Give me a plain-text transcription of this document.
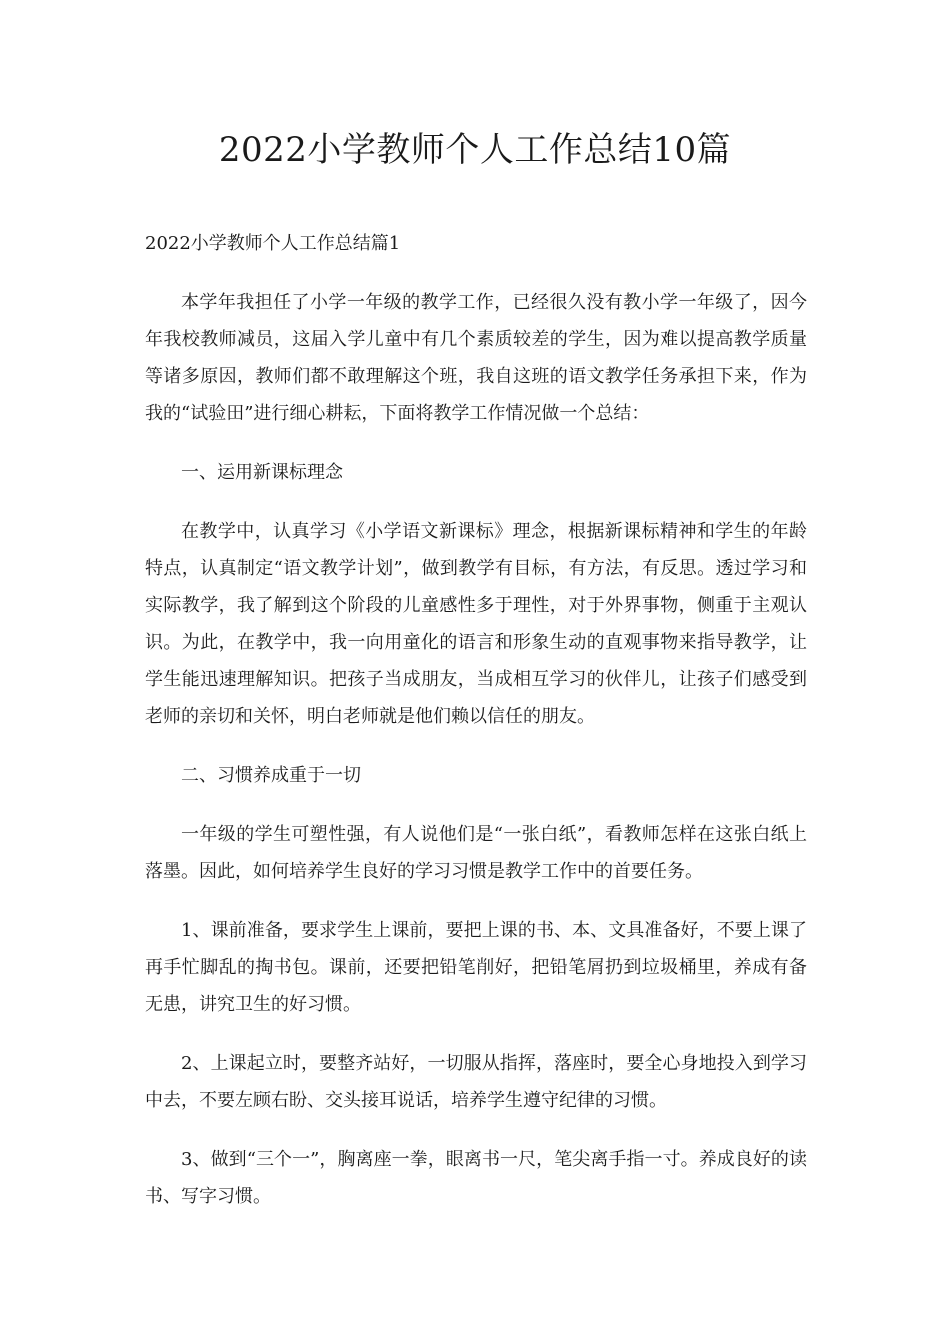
2022小学教师个人工作总结10篇

2022小学教师个人工作总结篇1

本学年我担任了小学一年级的教学工作，已经很久没有教小学一年级了，因今年我校教师减员，这届入学儿童中有几个素质较差的学生，因为难以提高教学质量等诸多原因，教师们都不敢理解这个班，我自这班的语文教学任务承担下来，作为我的“试验田”进行细心耕耘，下面将教学工作情况做一个总结：

一、运用新课标理念

在教学中，认真学习《小学语文新课标》理念，根据新课标精神和学生的年龄特点，认真制定“语文教学计划”，做到教学有目标，有方法，有反思。透过学习和实际教学，我了解到这个阶段的儿童感性多于理性，对于外界事物，侧重于主观认识。为此，在教学中，我一向用童化的语言和形象生动的直观事物来指导教学，让学生能迅速理解知识。把孩子当成朋友，当成相互学习的伙伴儿，让孩子们感受到老师的亲切和关怀，明白老师就是他们赖以信任的朋友。

二、习惯养成重于一切

一年级的学生可塑性强，有人说他们是“一张白纸”，看教师怎样在这张白纸上落墨。因此，如何培养学生良好的学习习惯是教学工作中的首要任务。

1、课前准备，要求学生上课前，要把上课的书、本、文具准备好，不要上课了再手忙脚乱的掏书包。课前，还要把铅笔削好，把铅笔屑扔到垃圾桶里，养成有备无患，讲究卫生的好习惯。

2、上课起立时，要整齐站好，一切服从指挥，落座时，要全心身地投入到学习中去，不要左顾右盼、交头接耳说话，培养学生遵守纪律的习惯。

3、做到“三个一”，胸离座一拳，眼离书一尺，笔尖离手指一寸。养成良好的读书、写字习惯。
